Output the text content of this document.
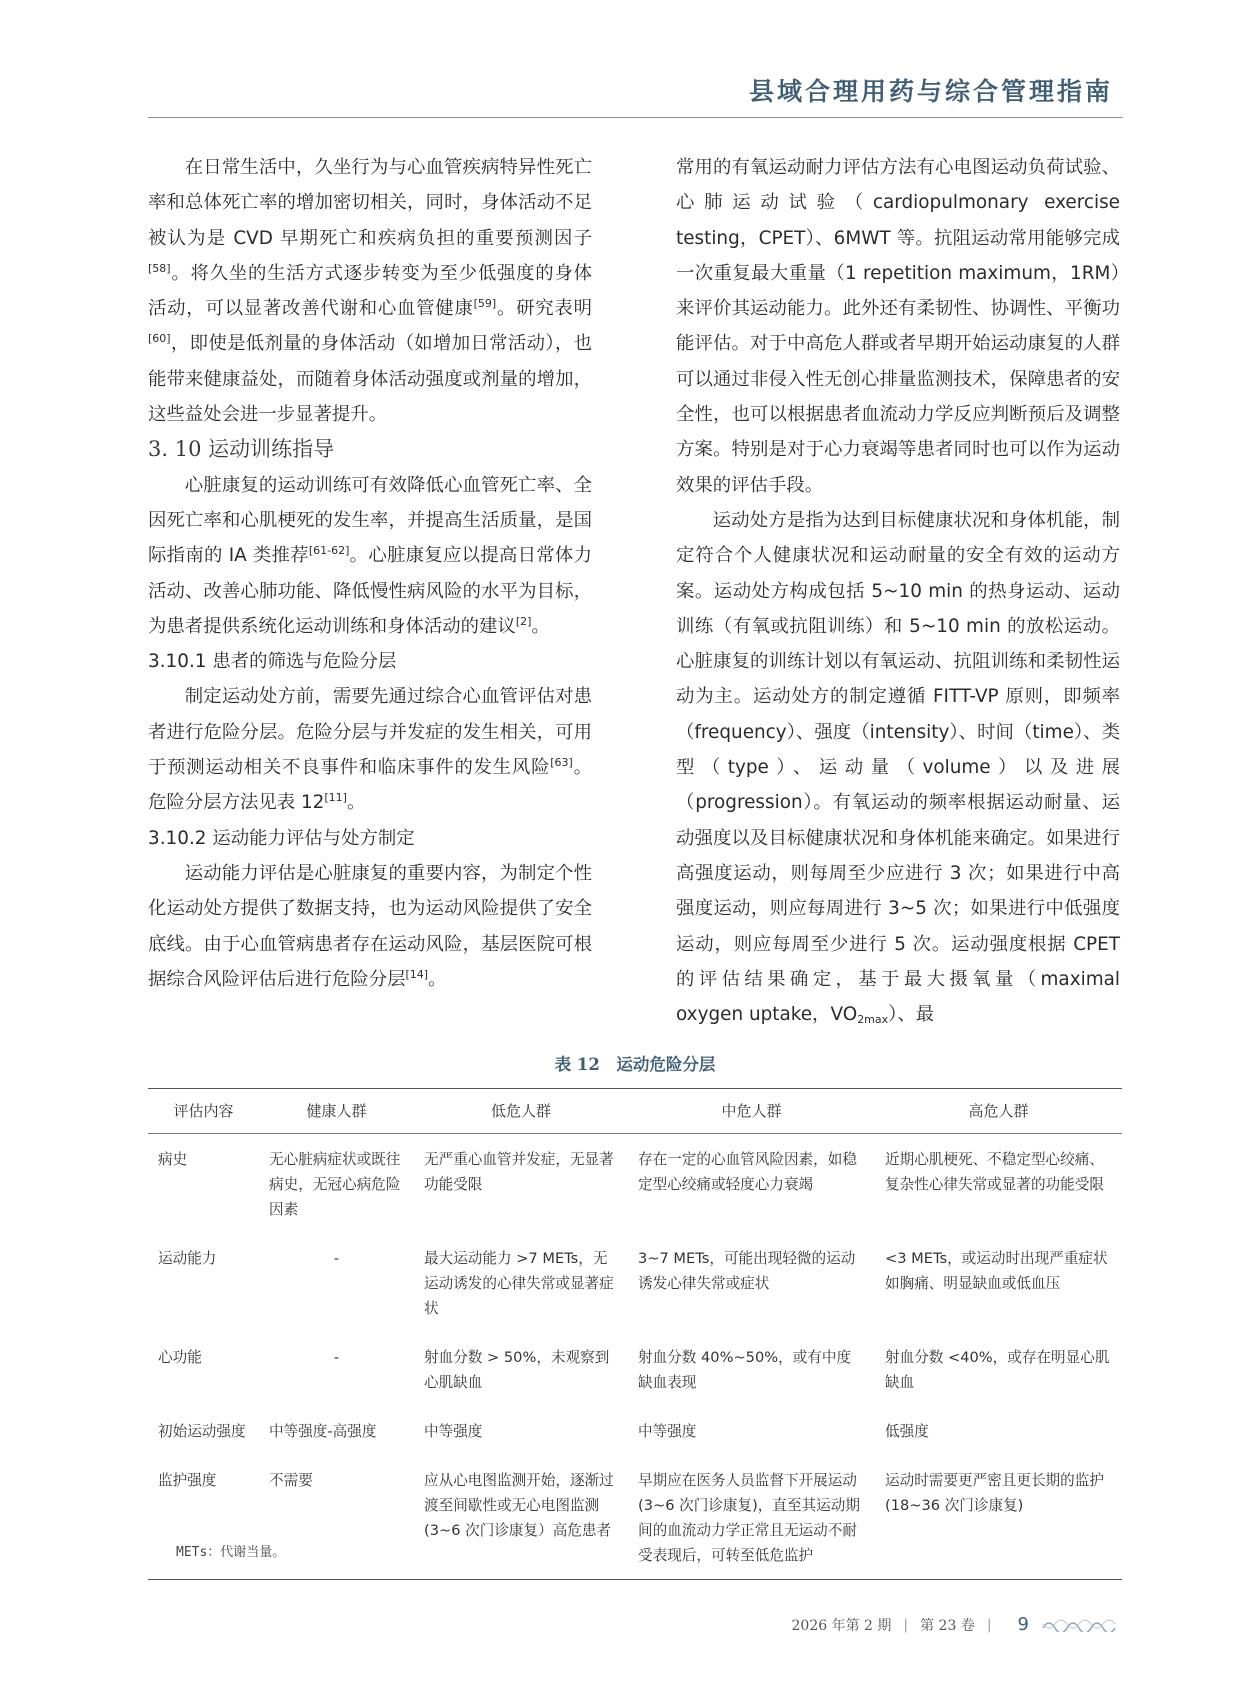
县域合理用药与综合管理指南

在日常生活中，久坐行为与心血管疾病特异性死亡率和总体死亡率的增加密切相关，同时，身体活动不足被认为是 CVD 早期死亡和疾病负担的重要预测因子[58]。将久坐的生活方式逐步转变为至少低强度的身体活动，可以显著改善代谢和心血管健康[59]。研究表明[60]，即使是低剂量的身体活动（如增加日常活动），也能带来健康益处，而随着身体活动强度或剂量的增加，这些益处会进一步显著提升。

3. 10 运动训练指导

心脏康复的运动训练可有效降低心血管死亡率、全因死亡率和心肌梗死的发生率，并提高生活质量，是国际指南的 IA 类推荐[61-62]。心脏康复应以提高日常体力活动、改善心肺功能、降低慢性病风险的水平为目标，为患者提供系统化运动训练和身体活动的建议[2]。

3.10.1 患者的筛选与危险分层

制定运动处方前，需要先通过综合心血管评估对患者进行危险分层。危险分层与并发症的发生相关，可用于预测运动相关不良事件和临床事件的发生风险[63]。危险分层方法见表 12[11]。

3.10.2 运动能力评估与处方制定

运动能力评估是心脏康复的重要内容，为制定个性化运动处方提供了数据支持，也为运动风险提供了安全底线。由于心血管病患者存在运动风险，基层医院可根据综合风险评估后进行危险分层[14]。

常用的有氧运动耐力评估方法有心电图运动负荷试验、心肺运动试验（cardiopulmonary exercise testing，CPET）、6MWT 等。抗阻运动常用能够完成一次重复最大重量（1 repetition maximum，1RM）来评价其运动能力。此外还有柔韧性、协调性、平衡功能评估。对于中高危人群或者早期开始运动康复的人群可以通过非侵入性无创心排量监测技术，保障患者的安全性，也可以根据患者血流动力学反应判断预后及调整方案。特别是对于心力衰竭等患者同时也可以作为运动效果的评估手段。

运动处方是指为达到目标健康状况和身体机能，制定符合个人健康状况和运动耐量的安全有效的运动方案。运动处方构成包括 5~10 min 的热身运动、运动训练（有氧或抗阻训练）和 5~10 min 的放松运动。心脏康复的训练计划以有氧运动、抗阻训练和柔韧性运动为主。运动处方的制定遵循 FITT-VP 原则，即频率（frequency）、强度（intensity）、时间（time）、类型（type）、运动量（volume）以及进展（progression）。有氧运动的频率根据运动耐量、运动强度以及目标健康状况和身体机能来确定。如果进行高强度运动，则每周至少应进行 3 次；如果进行中高强度运动，则应每周进行 3~5 次；如果进行中低强度运动，则应每周至少进行 5 次。运动强度根据 CPET 的评估结果确定，基于最大摄氧量（maximal oxygen uptake，$VO_{2max}$）、最

表 12　运动危险分层
评估内容	健康人群	低危人群	中危人群	高危人群
病史	无心脏病症状或既往病史，无冠心病危险因素	无严重心血管并发症，无显著功能受限	存在一定的心血管风险因素，如稳定型心绞痛或轻度心力衰竭	近期心肌梗死、不稳定型心绞痛、复杂性心律失常或显著的功能受限
运动能力	-	最大运动能力 >7 METs，无运动诱发的心律失常或显著症状	3~7 METs，可能出现轻微的运动诱发心律失常或症状	<3 METs，或运动时出现严重症状如胸痛、明显缺血或低血压
心功能	-	射血分数 > 50%，未观察到心肌缺血	射血分数 40%~50%，或有中度缺血表现	射血分数 <40%，或存在明显心肌缺血
初始运动强度	中等强度-高强度	中等强度	中等强度	低强度
监护强度	不需要	应从心电图监测开始，逐渐过渡至间歇性或无心电图监测(3~6 次门诊康复）高危患者	早期应在医务人员监督下开展运动(3~6 次门诊康复)，直至其运动期间的血流动力学正常且无运动不耐受表现后，可转至低危监护	运动时需要更严密且更长期的监护 (18~36 次门诊康复)
METs：代谢当量。
2026 年第 2 期 | 第 23 卷 | 9
